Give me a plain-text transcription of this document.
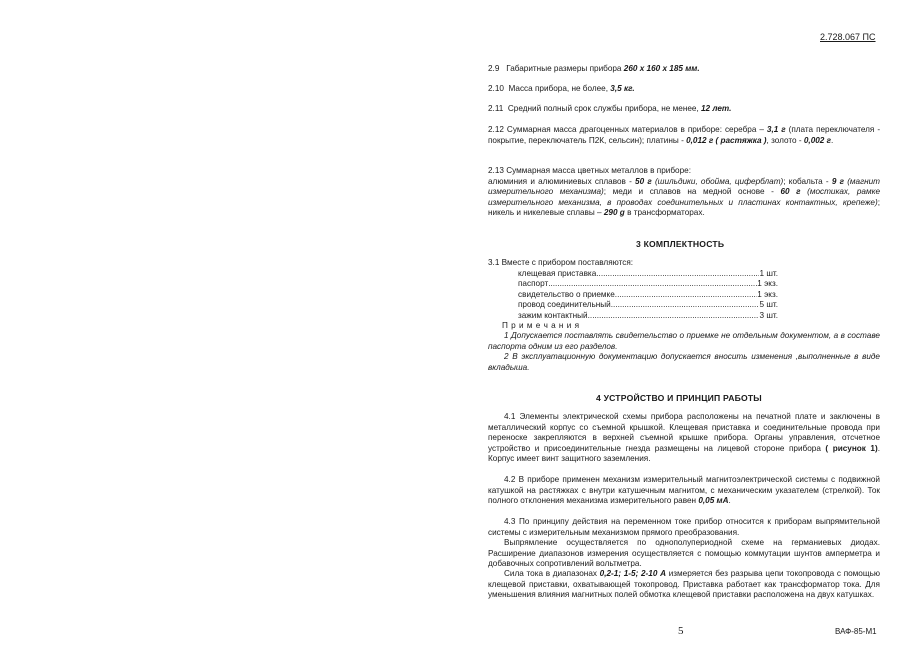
2.728.067 ПС
2.9 Габаритные размеры прибора 260 x 160 x 185 мм.
2.10 Масса прибора, не более, 3,5 кг.
2.11 Средний полный срок службы прибора, не менее, 12 лет.
2.12 Суммарная масса драгоценных материалов в приборе: серебра – 3,1 г (плата переключателя - покрытие, переключатель П2К, сельсин); платины - 0,012 г ( растяжка ), золото - 0,002 г.
2.13 Суммарная масса цветных металлов в приборе:
алюминия и алюминиевых сплавов - 50 г (шильдики, обойма, циферблат); кобальта - 9 г (магнит измерительного механизма); меди и сплавов на медной основе - 60 г (мостиках, рамке измерительного механизма, в проводах соединительных и пластинах контактных, крепеже); никель и никелевые сплавы – 290 g в трансформаторах.
3 КОМПЛЕКТНОСТЬ
3.1 Вместе с прибором поставляются:
клещевая приставка .....	1 шт.
паспорт .....	1 экз.
свидетельство о приемке .....	1 экз.
провод соединительный .....	5 шт.
зажим контактный .....	3 шт.
П р и м е ч а н и я
1 Допускается поставлять свидетельство о приемке не отдельным документом, а в составе паспорта одним из его разделов.
2 В эксплуатационную документацию допускается вносить изменения ,выполненные в виде вкладыша.
4 УСТРОЙСТВО И ПРИНЦИП РАБОТЫ
4.1 Элементы электрической схемы прибора расположены на печатной плате и заключены в металлический корпус со съемной крышкой. Клещевая приставка и соединительные провода при переноске закрепляются в верхней съемной крышке прибора. Органы управления, отсчетное устройство и присоединительные гнезда размещены на лицевой стороне прибора ( рисунок 1). Корпус имеет винт защитного заземления.
4.2 В приборе применен механизм измерительный магнитоэлектрической системы с подвижной катушкой на растяжках с внутри катушечным магнитом, с механическим указателем (стрелкой). Ток полного отклонения механизма измерительного равен 0,05 мА.
4.3 По принципу действия на переменном токе прибор относится к приборам выпрямительной системы с измерительным механизмом прямого преобразования.
Выпрямление осуществляется по однополупериодной схеме на германиевых диодах. Расширение диапазонов измерения осуществляется с помощью коммутации шунтов амперметра и добавочных сопротивлений вольтметра.
Сила тока в диапазонах 0,2-1; 1-5; 2-10 А измеряется без разрыва цепи токопровода с помощью клещевой приставки, охватывающей токопровод. Приставка работает как трансформатор тока. Для уменьшения влияния магнитных полей обмотка клещевой приставки расположена на двух катушках.
5	ВАФ-85-М1
